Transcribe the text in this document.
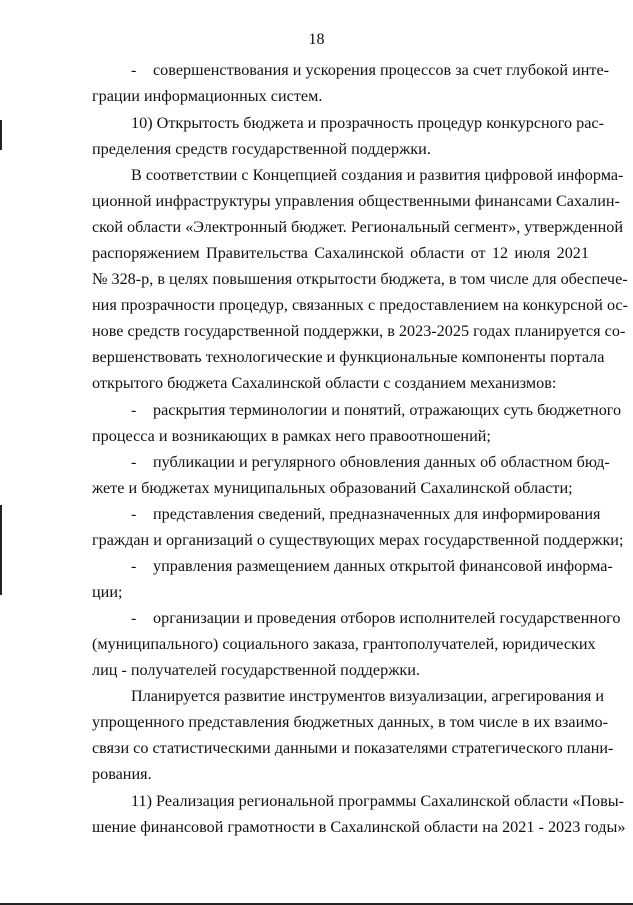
18
- совершенствования и ускорения процессов за счет глубокой инте-
грации информационных систем.
10) Открытость бюджета и прозрачность процедур конкурсного рас-
пределения средств государственной поддержки.
В соответствии с Концепцией создания и развития цифровой информа-
ционной инфраструктуры управления общественными финансами Сахалин-
ской области «Электронный бюджет. Региональный сегмент», утвержденной
распоряжением Правительства Сахалинской области от 12 июля 2021
№ 328-р, в целях повышения открытости бюджета, в том числе для обеспече-
ния прозрачности процедур, связанных с предоставлением на конкурсной ос-
нове средств государственной поддержки, в 2023-2025 годах планируется со-
вершенствовать технологические и функциональные компоненты портала
открытого бюджета Сахалинской области с созданием механизмов:
- раскрытия терминологии и понятий, отражающих суть бюджетного
процесса и возникающих в рамках него правоотношений;
- публикации и регулярного обновления данных об областном бюд-
жете и бюджетах муниципальных образований Сахалинской области;
- представления сведений, предназначенных для информирования
граждан и организаций о существующих мерах государственной поддержки;
- управления размещением данных открытой финансовой информа-
ции;
- организации и проведения отборов исполнителей государственного
(муниципального) социального заказа, грантополучателей, юридических
лиц - получателей государственной поддержки.
Планируется развитие инструментов визуализации, агрегирования и
упрощенного представления бюджетных данных, в том числе в их взаимо-
связи со статистическими данными и показателями стратегического плани-
рования.
11) Реализация региональной программы Сахалинской области «Повы-
шение финансовой грамотности в Сахалинской области на 2021 - 2023 годы»
